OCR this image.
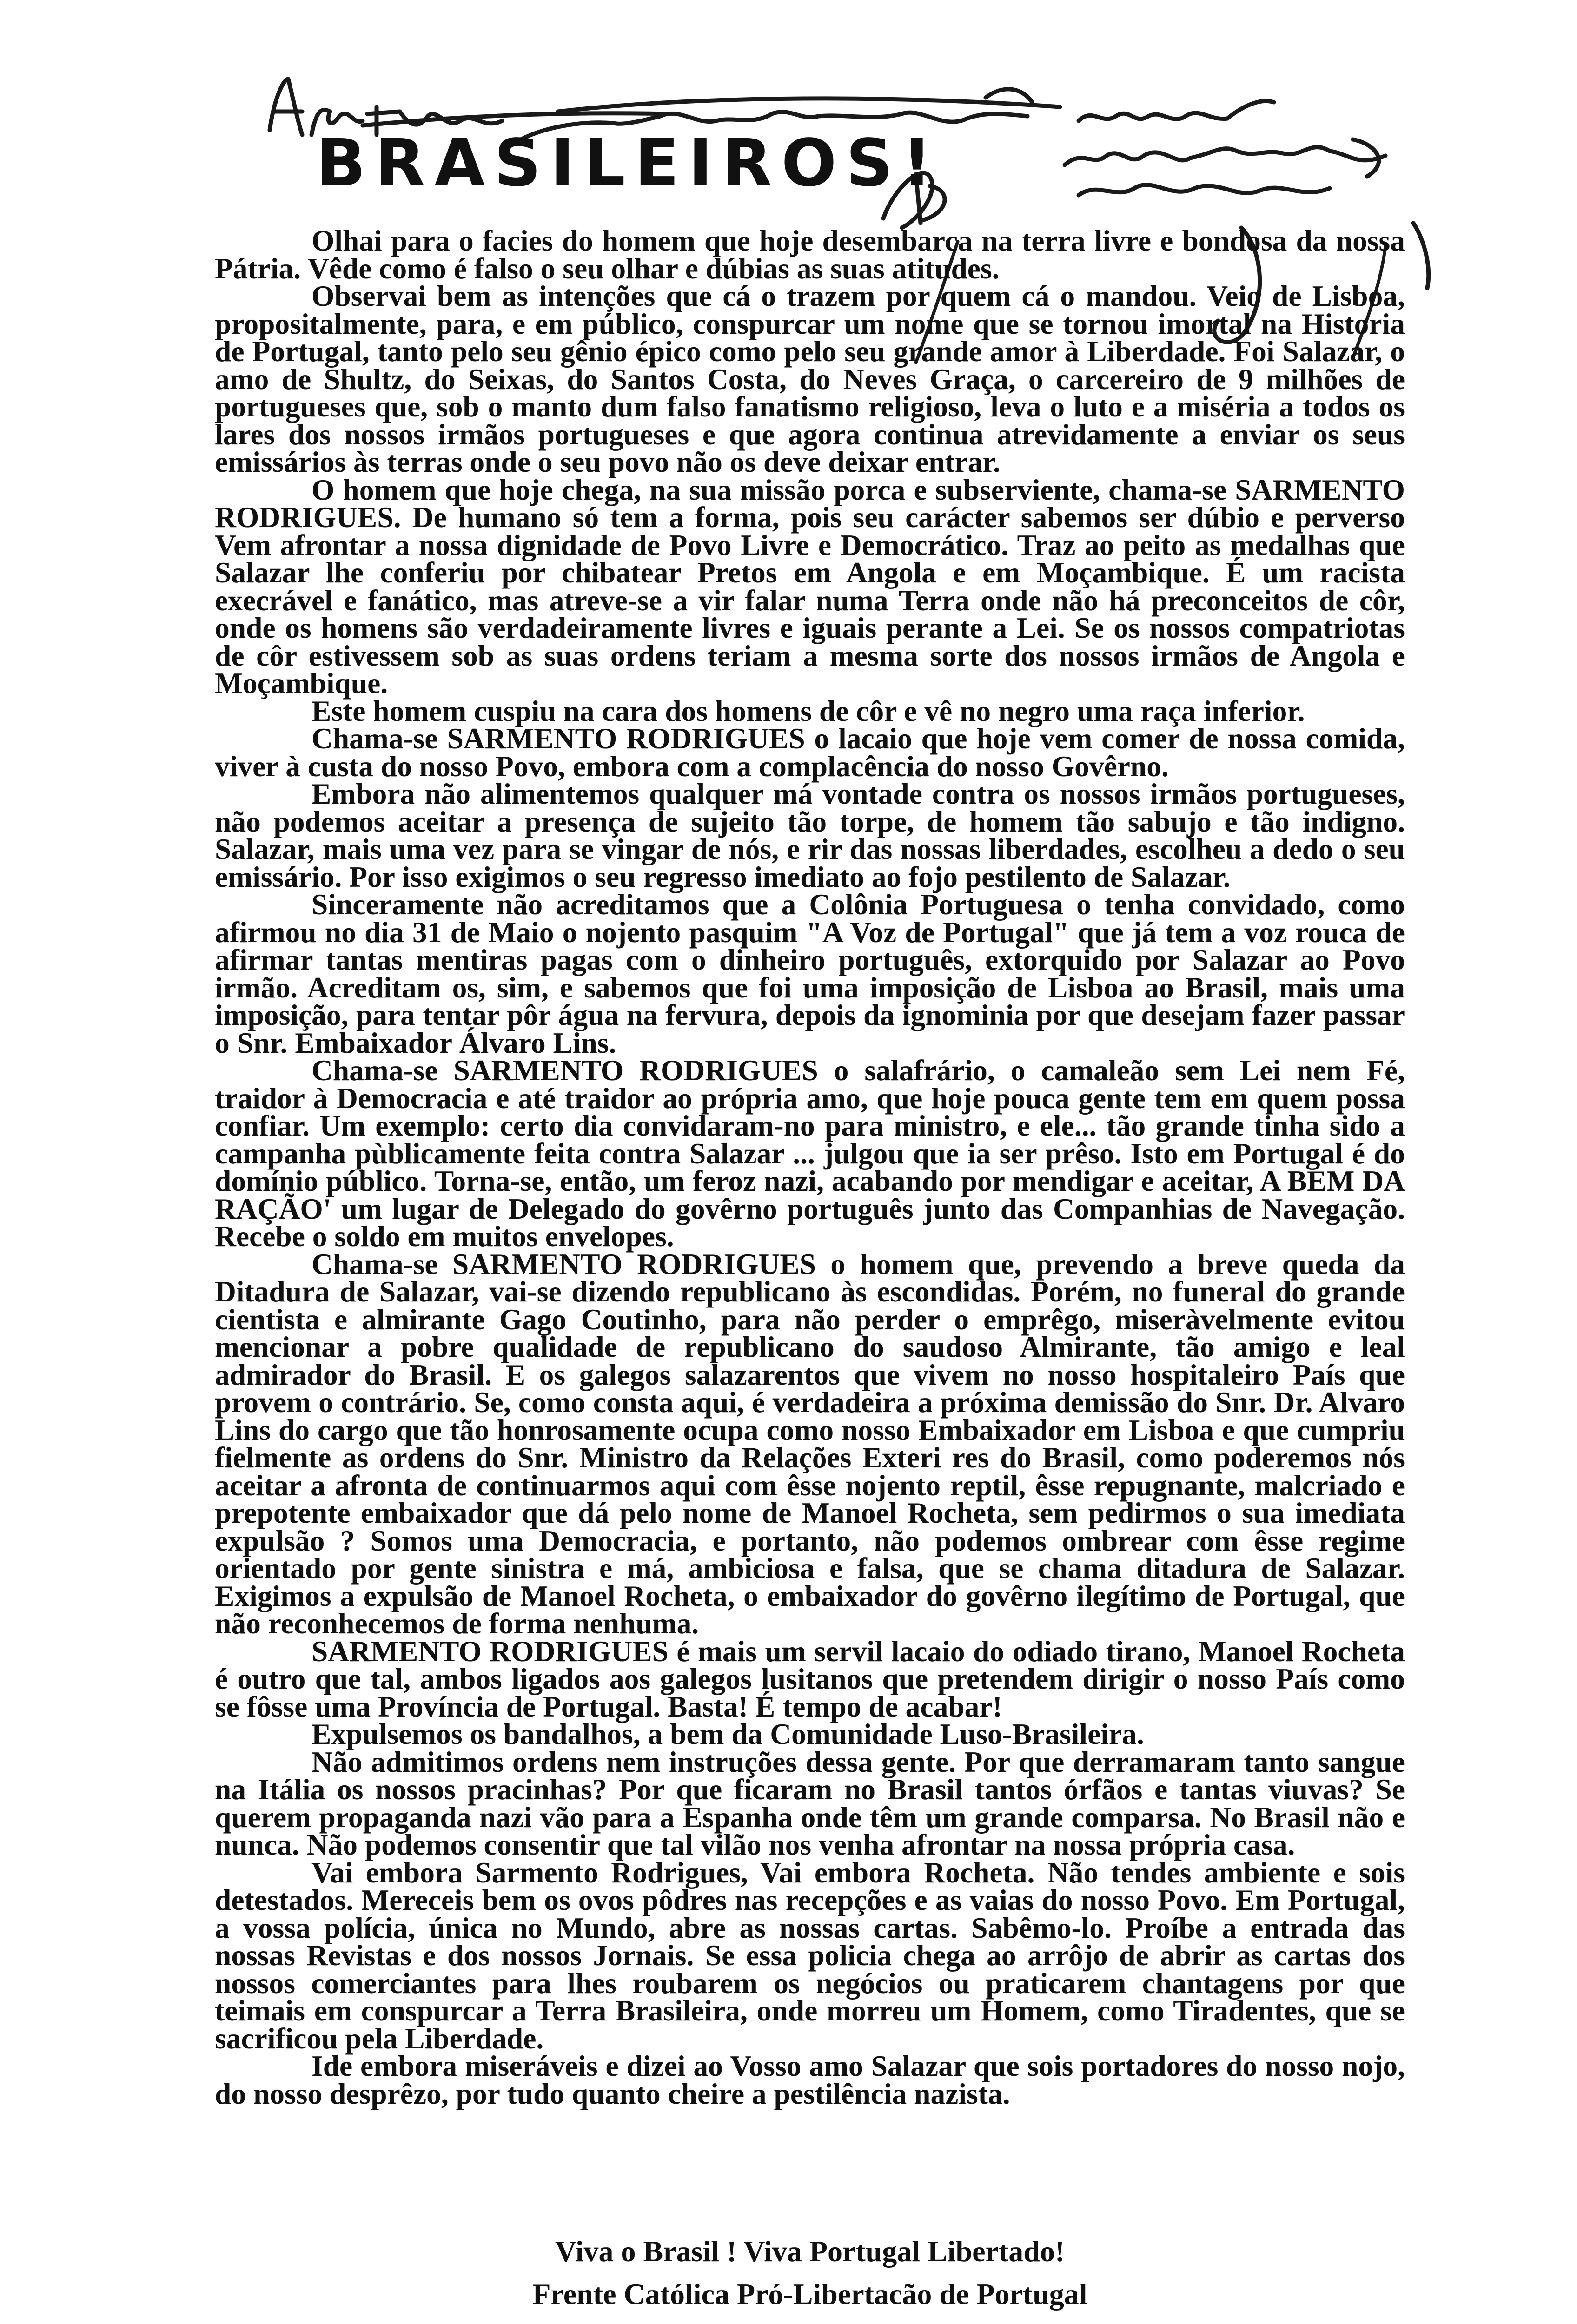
BRASILEIROS!

Olhai para o facies do homem que hoje desembarca na terra livre e bondosa da nossa Pátria. Vêde como é falso o seu olhar e dúbias as suas atitudes.

Observai bem as intenções que cá o trazem por quem cá o mandou. Veio de Lisboa, propositalmente, para, e em público, conspurcar um nome que se tornou imortal na Historia de Portugal, tanto pelo seu gênio épico como pelo seu grande amor à Liberdade. Foi Salazar, o amo de Shultz, do Seixas, do Santos Costa, do Neves Graça, o carcereiro de 9 milhões de portugueses que, sob o manto dum falso fanatismo religioso, leva o luto e a miséria a todos os lares dos nossos irmãos portugueses e que agora continua atrevidamente a enviar os seus emissários às terras onde o seu povo não os deve deixar entrar.

O homem que hoje chega, na sua missão porca e subserviente, chama-se SARMENTO RODRIGUES. De humano só tem a forma, pois seu carácter sabemos ser dúbio e perverso Vem afrontar a nossa dignidade de Povo Livre e Democrático. Traz ao peito as medalhas que Salazar lhe conferiu por chibatear Pretos em Angola e em Moçambique. É um racista execrável e fanático, mas atreve-se a vir falar numa Terra onde não há preconceitos de côr, onde os homens são verdadeiramente livres e iguais perante a Lei. Se os nossos compatriotas de côr estivessem sob as suas ordens teriam a mesma sorte dos nossos irmãos de Angola e Moçambique.

Este homem cuspiu na cara dos homens de côr e vê no negro uma raça inferior.

Chama-se SARMENTO RODRIGUES o lacaio que hoje vem comer de nossa comida, viver à custa do nosso Povo, embora com a complacência do nosso Govêrno.

Embora não alimentemos qualquer má vontade contra os nossos irmãos portugueses, não podemos aceitar a presença de sujeito tão torpe, de homem tão sabujo e tão indigno. Salazar, mais uma vez para se vingar de nós, e rir das nossas liberdades, escolheu a dedo o seu emissário. Por isso exigimos o seu regresso imediato ao fojo pestilento de Salazar.

Sinceramente não acreditamos que a Colônia Portuguesa o tenha convidado, como afirmou no dia 31 de Maio o nojento pasquim "A Voz de Portugal" que já tem a voz rouca de afirmar tantas mentiras pagas com o dinheiro português, extorquido por Salazar ao Povo irmão. Acreditam os, sim, e sabemos que foi uma imposição de Lisboa ao Brasil, mais uma imposição, para tentar pôr água na fervura, depois da ignominia por que desejam fazer passar o Snr. Embaixador Álvaro Lins.

Chama-se SARMENTO RODRIGUES o salafrário, o camaleão sem Lei nem Fé, traidor à Democracia e até traidor ao própria amo, que hoje pouca gente tem em quem possa confiar. Um exemplo: certo dia convidaram-no para ministro, e ele... tão grande tinha sido a campanha pùblicamente feita contra Salazar ... julgou que ia ser prêso. Isto em Portugal é do domínio público. Torna-se, então, um feroz nazi, acabando por mendigar e aceitar, A BEM DA RAÇÃO' um lugar de Delegado do govêrno português junto das Companhias de Navegação. Recebe o soldo em muitos envelopes.

Chama-se SARMENTO RODRIGUES o homem que, prevendo a breve queda da Ditadura de Salazar, vai-se dizendo republicano às escondidas. Porém, no funeral do grande cientista e almirante Gago Coutinho, para não perder o emprêgo, miseràvelmente evitou mencionar a pobre qualidade de republicano do saudoso Almirante, tão amigo e leal admirador do Brasil. E os galegos salazarentos que vivem no nosso hospitaleiro País que provem o contrário. Se, como consta aqui, é verdadeira a próxima demissão do Snr. Dr. Alvaro Lins do cargo que tão honrosamente ocupa como nosso Embaixador em Lisboa e que cumpriu fielmente as ordens do Snr. Ministro da Relações Exteri res do Brasil, como poderemos nós aceitar a afronta de continuarmos aqui com êsse nojento reptil, êsse repugnante, malcriado e prepotente embaixador que dá pelo nome de Manoel Rocheta, sem pedirmos o sua imediata expulsão ? Somos uma Democracia, e portanto, não podemos ombrear com êsse regime orientado por gente sinistra e má, ambiciosa e falsa, que se chama ditadura de Salazar. Exigimos a expulsão de Manoel Rocheta, o embaixador do govêrno ilegítimo de Portugal, que não reconhecemos de forma nenhuma.

SARMENTO RODRIGUES é mais um servil lacaio do odiado tirano, Manoel Rocheta é outro que tal, ambos ligados aos galegos lusitanos que pretendem dirigir o nosso País como se fôsse uma Província de Portugal. Basta! É tempo de acabar!

Expulsemos os bandalhos, a bem da Comunidade Luso-Brasileira.

Não admitimos ordens nem instruções dessa gente. Por que derramaram tanto sangue na Itália os nossos pracinhas? Por que ficaram no Brasil tantos órfãos e tantas viuvas? Se querem propaganda nazi vão para a Espanha onde têm um grande comparsa. No Brasil não e nunca. Não podemos consentir que tal vilão nos venha afrontar na nossa própria casa.

Vai embora Sarmento Rodrigues, Vai embora Rocheta. Não tendes ambiente e sois detestados. Mereceis bem os ovos pôdres nas recepções e as vaias do nosso Povo. Em Portugal, a vossa polícia, única no Mundo, abre as nossas cartas. Sabêmo-lo. Proíbe a entrada das nossas Revistas e dos nossos Jornais. Se essa policia chega ao arrôjo de abrir as cartas dos nossos comerciantes para lhes roubarem os negócios ou praticarem chantagens por que teimais em conspurcar a Terra Brasileira, onde morreu um Homem, como Tiradentes, que se sacrificou pela Liberdade.

Ide embora miseráveis e dizei ao Vosso amo Salazar que sois portadores do nosso nojo, do nosso desprêzo, por tudo quanto cheire a pestilência nazista.

Viva o Brasil ! Viva Portugal Libertado!

Frente Católica Pró-Libertacão de Portugal
